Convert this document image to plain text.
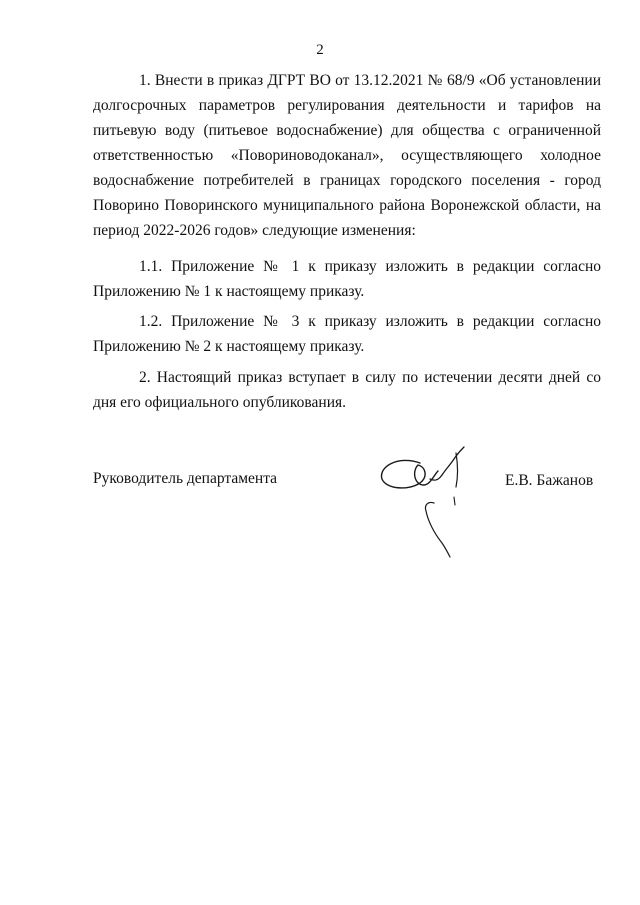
2

1. Внести в приказ ДГРТ ВО от 13.12.2021 № 68/9 «Об установлении долгосрочных параметров регулирования деятельности и тарифов на питьевую воду (питьевое водоснабжение) для общества с ограниченной ответственностью «Поворинoводоканал», осуществляющего холодное водоснабжение потребителей в границах городского поселения - город Поворино Поворинского муниципального района Воронежской области, на период 2022-2026 годов» следующие изменения:

1.1. Приложение № 1 к приказу изложить в редакции согласно Приложению № 1 к настоящему приказу.

1.2. Приложение № 3 к приказу изложить в редакции согласно Приложению № 2 к настоящему приказу.

2. Настоящий приказ вступает в силу по истечении десяти дней со дня его официального опубликования.

Руководитель департамента	Е.В. Бажанов
